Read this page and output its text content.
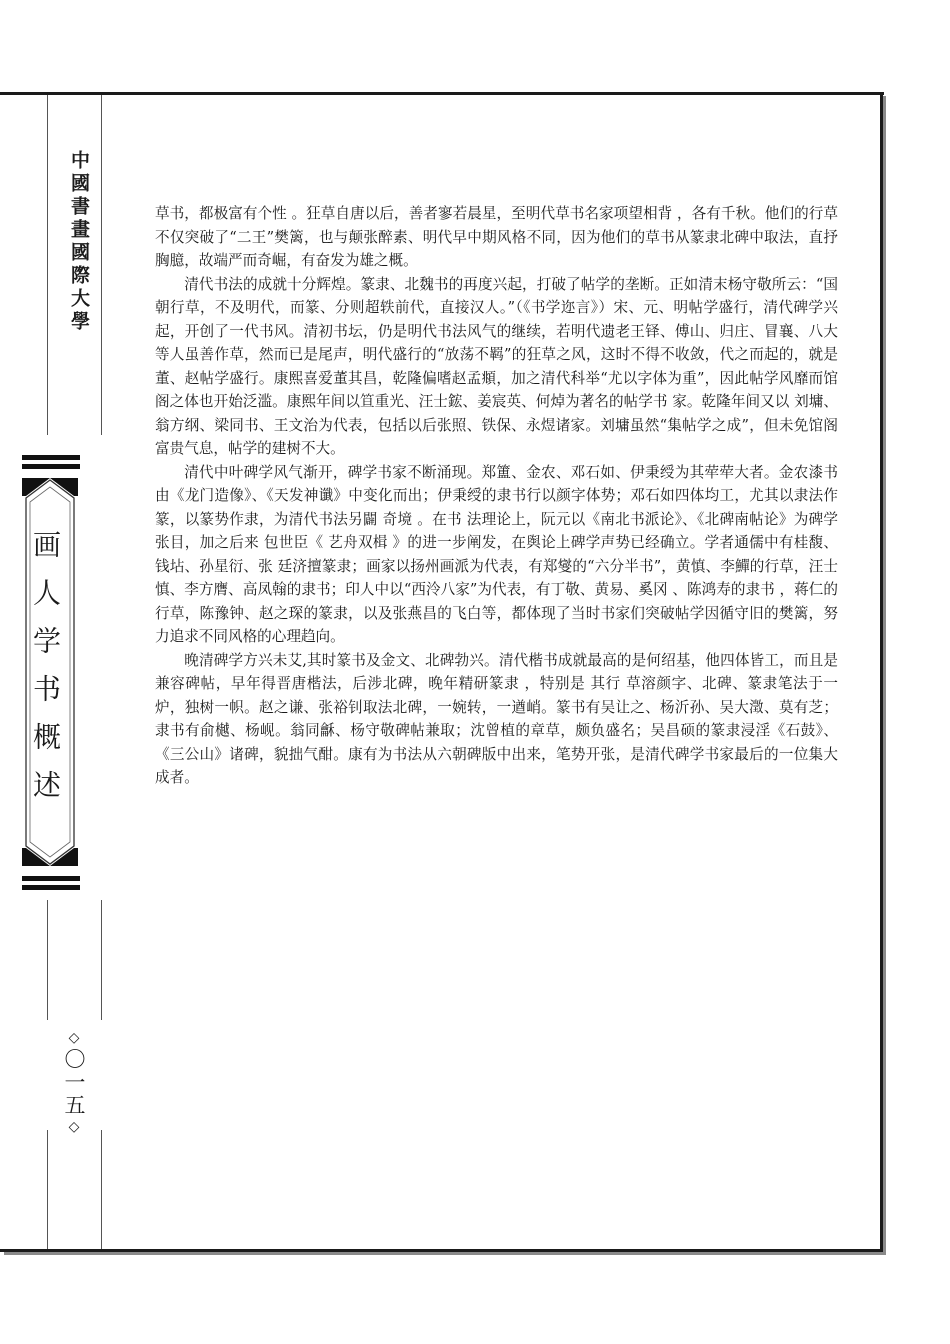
中國書畫國際大學
画人学书概述
◇
〇一五
◇

草书，都极富有个性 。狂草自唐以后，善者寥若晨星，至明代草书名家项望相背 ，各有千秋。他们的行草不仅突破了“二王”樊篱，也与颠张醉素、明代早中期风格不同，因为他们的草书从篆隶北碑中取法，直抒胸臆，故端严而奇崛，有奋发为雄之概。

清代书法的成就十分辉煌。篆隶、北魏书的再度兴起，打破了帖学的垄断。正如清末杨守敬所云：“国朝行草，不及明代，而篆、分则超轶前代，直接汉人。”（《书学迩言》）宋、元、明帖学盛行，清代碑学兴起，开创了一代书风。清初书坛，仍是明代书法风气的继续，若明代遗老王铎、傅山、归庄、冒襄、八大等人虽善作草，然而已是尾声，明代盛行的“放荡不羁”的狂草之风，这时不得不收敛，代之而起的，就是董、赵帖学盛行。康熙喜爱董其昌，乾隆偏嗜赵孟頫，加之清代科举“尤以字体为重”，因此帖学风靡而馆阁之体也开始泛滥。康熙年间以笪重光、汪士鋐、姜宸英、何焯为著名的帖学书 家。乾隆年间又以 刘墉、翁方纲、梁同书、王文治为代表，包括以后张照、铁保、永煜诸家。刘墉虽然“集帖学之成”，但未免馆阁富贵气息，帖学的建树不大。

清代中叶碑学风气渐开，碑学书家不断涌现。郑簠、金农、邓石如、伊秉绶为其荦荦大者。金农漆书由《龙门造像》、《天发神谶》中变化而出；伊秉绶的隶书行以颜字体势；邓石如四体均工，尤其以隶法作篆，以篆势作隶，为清代书法另闢 奇境 。在书 法理论上，阮元以《南北书派论》、《北碑南帖论》为碑学张目，加之后来 包世臣《 艺舟双楫 》的进一步阐发，在舆论上碑学声势已经确立。学者通儒中有桂馥、钱坫、孙星衍、张 廷济擅篆隶；画家以扬州画派为代表，有郑燮的“六分半书”，黄慎、李鱓的行草，汪士慎、李方膺、高凤翰的隶书；印人中以“西泠八家”为代表，有丁敬、黄易、奚冈 、陈鸿寿的隶书 ，蒋仁的行草，陈豫钟、赵之琛的篆隶，以及张燕昌的飞白等，都体现了当时书家们突破帖学因循守旧的樊篱，努力追求不同风格的心理趋向。

晚清碑学方兴未艾,其时篆书及金文、北碑勃兴。清代楷书成就最高的是何绍基，他四体皆工，而且是兼容碑帖，早年得晋唐楷法，后涉北碑，晚年精研篆隶 ，特别是 其行 草溶颜字、北碑、篆隶笔法于一炉，独树一帜。赵之谦、张裕钊取法北碑，一婉转，一遒峭。篆书有吴让之、杨沂孙、吴大澂、莫有芝；隶书有俞樾、杨岘。翁同龢、杨守敬碑帖兼取；沈曾植的章草，颇负盛名；吴昌硕的篆隶浸淫《石鼓》、《三公山》诸碑，貌拙气酣。康有为书法从六朝碑版中出来，笔势开张，是清代碑学书家最后的一位集大成者。
